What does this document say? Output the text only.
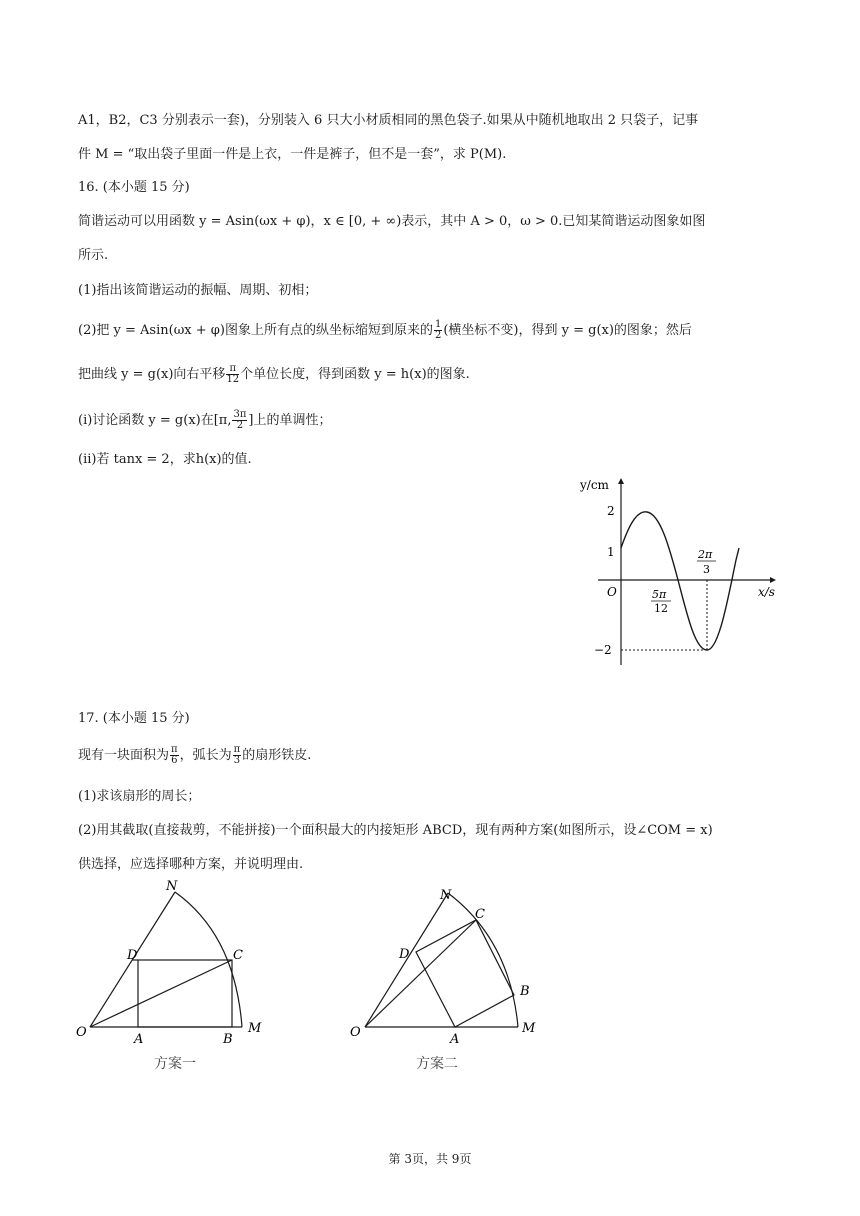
A1，B2，C3 分别表示一套)，分别装入 6 只大小材质相同的黑色袋子.如果从中随机地取出 2 只袋子，记事
件 M = “取出袋子里面一件是上衣，一件是裤子，但不是一套”，求 P(M).
16. (本小题 15 分)
简谐运动可以用函数 y = Asin(ωx + φ)，x ∈ [0, + ∞)表示，其中 A > 0，ω > 0.已知某简谐运动图象如图
所示.
(1)指出该简谐运动的振幅、周期、初相；
(2)把 y = Asin(ωx + φ)图象上所有点的纵坐标缩短到原来的 $\frac{1}{2}$ (横坐标不变)，得到 y = g(x)的图象；然后
把曲线 y = g(x)向右平移 $\frac{\pi}{12}$ 个单位长度，得到函数 y = h(x)的图象.
(i)讨论函数 y = g(x)在[π, $\frac{3\pi}{2}$ ]上的单调性；
(ii)若 tanx = 2，求h(x)的值.
y/cm
x/s
O
2
1
−2
5π
12
2π
3
17. (本小题 15 分)
现有一块面积为 $\frac{\pi}{6}$ ，弧长为 $\frac{\pi}{3}$ 的扇形铁皮.
(1)求该扇形的周长；
(2)用其截取(直接裁剪，不能拼接)一个面积最大的内接矩形 ABCD，现有两种方案(如图所示，设∠COM = x)
供选择，应选择哪种方案，并说明理由.
N
D	C
O	A	B
M
方案一
N
C
D
B
O	A
M
方案二
第 3页，共 9页
